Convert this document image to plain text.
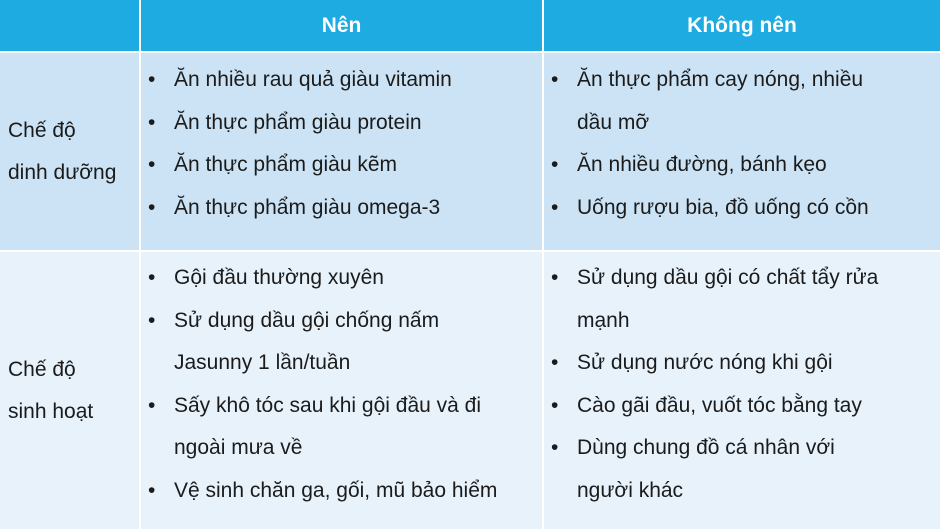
Nên	Không nên
Chế độ
dinh dưỡng
• Ăn nhiều rau quả giàu vitamin
• Ăn thực phẩm giàu protein
• Ăn thực phẩm giàu kẽm
• Ăn thực phẩm giàu omega-3
• Ăn thực phẩm cay nóng, nhiều dầu mỡ
• Ăn nhiều đường, bánh kẹo
• Uống rượu bia, đồ uống có cồn
Chế độ
sinh hoạt
• Gội đầu thường xuyên
• Sử dụng dầu gội chống nấm Jasunny 1 lần/tuần
• Sấy khô tóc sau khi gội đầu và đi ngoài mưa về
• Vệ sinh chăn ga, gối, mũ bảo hiểm
• Sử dụng dầu gội có chất tẩy rửa mạnh
• Sử dụng nước nóng khi gội
• Cào gãi đầu, vuốt tóc bằng tay
• Dùng chung đồ cá nhân với người khác
